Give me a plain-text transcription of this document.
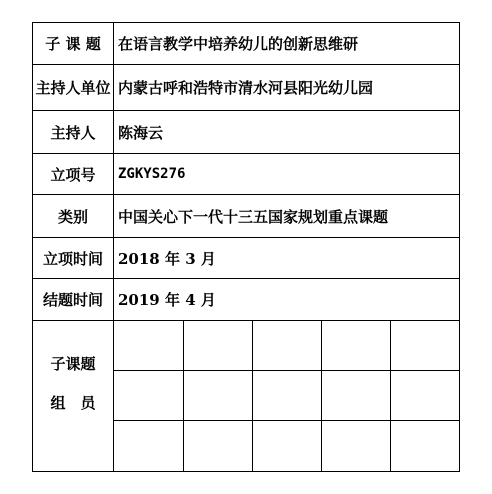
子 课 题	在语言教学中培养幼儿的创新思维研
主持人单位 内蒙古呼和浩特市清水河县阳光幼儿园
主持人	陈海云
立项号	ZGKYS276
类别	中国关心下一代十三五国家规划重点课题
立项时间	2018 年 3 月
结题时间	2019 年 4 月
子课题
组　员
